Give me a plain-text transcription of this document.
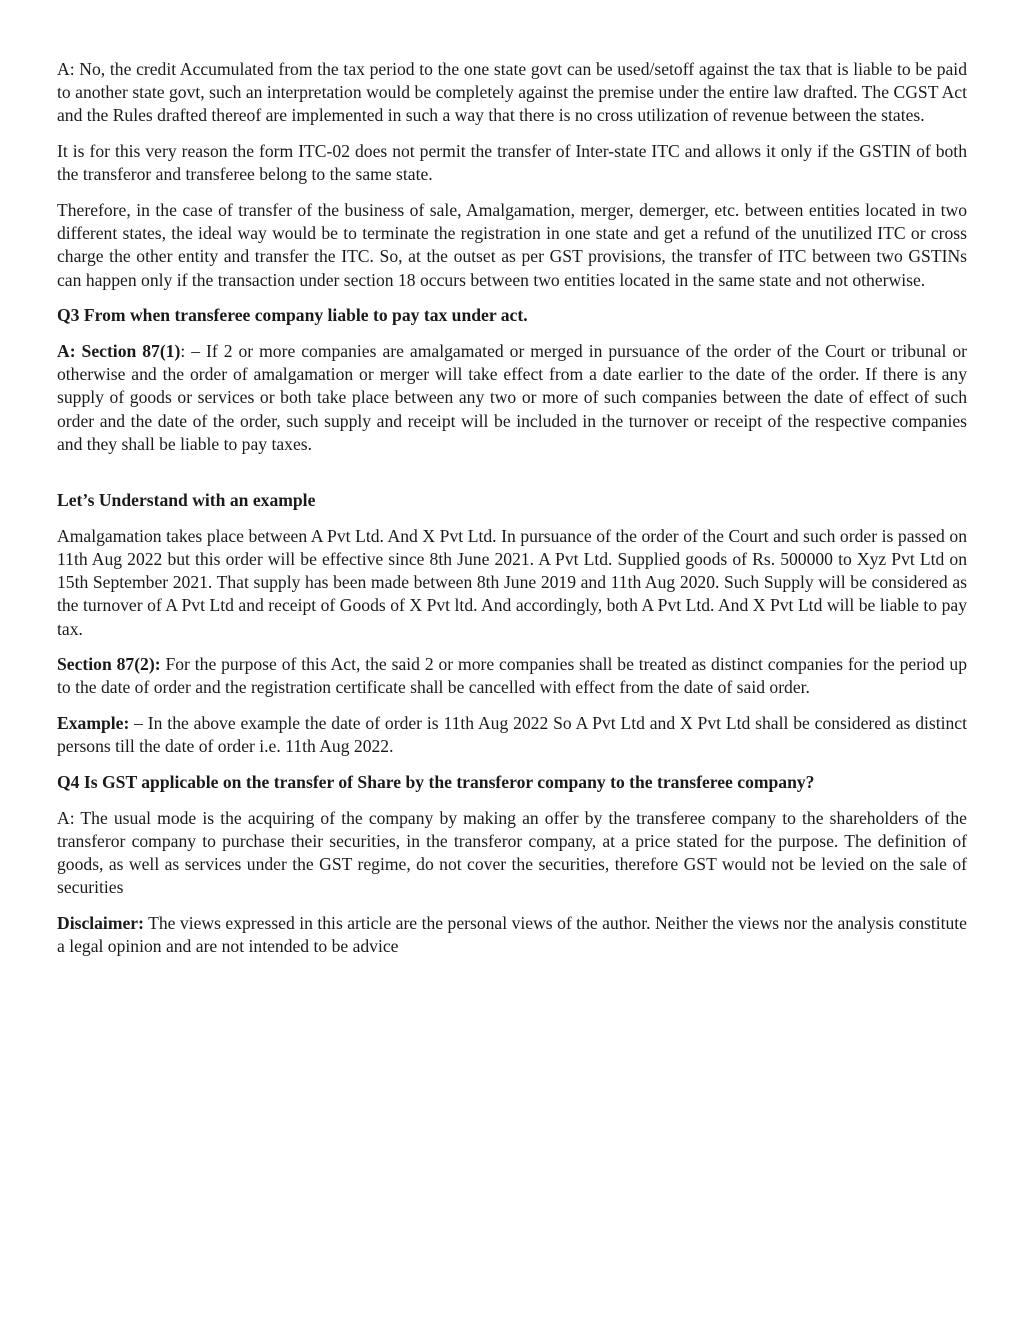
A: No, the credit Accumulated from the tax period to the one state govt can be used/setoff against the tax that is liable to be paid to another state govt, such an interpretation would be completely against the premise under the entire law drafted. The CGST Act and the Rules drafted thereof are implemented in such a way that there is no cross utilization of revenue between the states.

It is for this very reason the form ITC-02 does not permit the transfer of Inter-state ITC and allows it only if the GSTIN of both the transferor and transferee belong to the same state.

Therefore, in the case of transfer of the business of sale, Amalgamation, merger, demerger, etc. between entities located in two different states, the ideal way would be to terminate the registration in one state and get a refund of the unutilized ITC or cross charge the other entity and transfer the ITC. So, at the outset as per GST provisions, the transfer of ITC between two GSTINs can happen only if the transaction under section 18 occurs between two entities located in the same state and not otherwise.

Q3 From when transferee company liable to pay tax under act.

A: Section 87(1): – If 2 or more companies are amalgamated or merged in pursuance of the order of the Court or tribunal or otherwise and the order of amalgamation or merger will take effect from a date earlier to the date of the order. If there is any supply of goods or services or both take place between any two or more of such companies between the date of effect of such order and the date of the order, such supply and receipt will be included in the turnover or receipt of the respective companies and they shall be liable to pay taxes.

Let’s Understand with an example

Amalgamation takes place between A Pvt Ltd. And X Pvt Ltd. In pursuance of the order of the Court and such order is passed on 11th Aug 2022 but this order will be effective since 8th June 2021. A Pvt Ltd. Supplied goods of Rs. 500000 to Xyz Pvt Ltd on 15th September 2021. That supply has been made between 8th June 2019 and 11th Aug 2020. Such Supply will be considered as the turnover of A Pvt Ltd and receipt of Goods of X Pvt ltd. And accordingly, both A Pvt Ltd. And X Pvt Ltd will be liable to pay tax.

Section 87(2): For the purpose of this Act, the said 2 or more companies shall be treated as distinct companies for the period up to the date of order and the registration certificate shall be cancelled with effect from the date of said order.

Example: – In the above example the date of order is 11th Aug 2022 So A Pvt Ltd and X Pvt Ltd shall be considered as distinct persons till the date of order i.e. 11th Aug 2022.

Q4 Is GST applicable on the transfer of Share by the transferor company to the transferee company?

A: The usual mode is the acquiring of the company by making an offer by the transferee company to the shareholders of the transferor company to purchase their securities, in the transferor company, at a price stated for the purpose. The definition of goods, as well as services under the GST regime, do not cover the securities, therefore GST would not be levied on the sale of securities

Disclaimer: The views expressed in this article are the personal views of the author. Neither the views nor the analysis constitute a legal opinion and are not intended to be advice
